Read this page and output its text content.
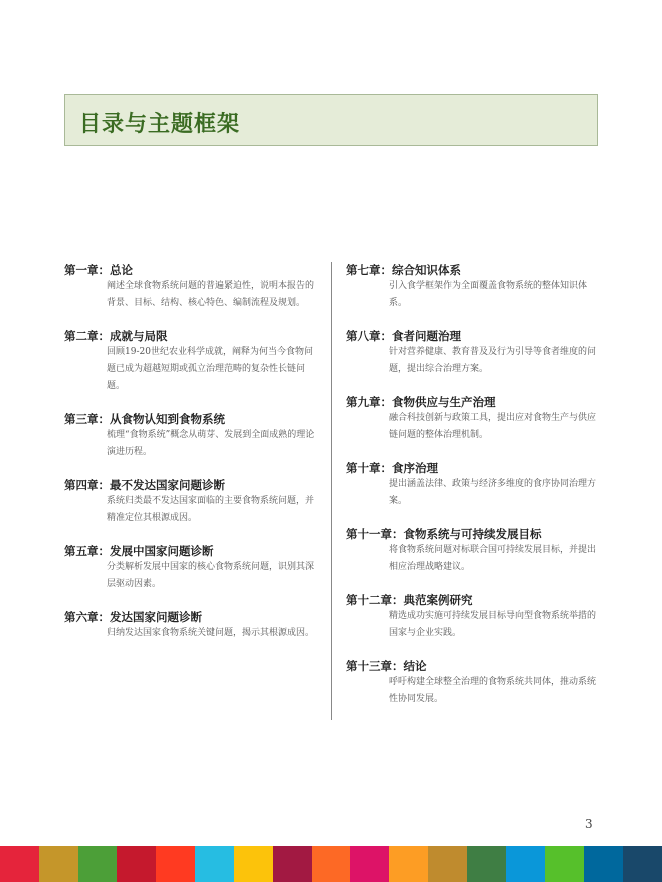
目录与主题框架
第一章：总论
阐述全球食物系统问题的普遍紧迫性，说明本报告的背景、目标、结构、核心特色、编制流程及规划。
第二章：成就与局限
回顾19-20世纪农业科学成就，阐释为何当今食物问题已成为超越短期或孤立治理范畴的复杂性长链问题。
第三章：从食物认知到食物系统
梳理“食物系统”概念从萌芽、发展到全面成熟的理论演进历程。
第四章：最不发达国家问题诊断
系统归类最不发达国家面临的主要食物系统问题，并精准定位其根源成因。
第五章：发展中国家问题诊断
分类解析发展中国家的核心食物系统问题，识别其深层驱动因素。
第六章：发达国家问题诊断
归纳发达国家食物系统关键问题，揭示其根源成因。
第七章：综合知识体系
引入食学框架作为全面覆盖食物系统的整体知识体系。
第八章：食者问题治理
针对营养健康、教育普及及行为引导等食者维度的问题，提出综合治理方案。
第九章：食物供应与生产治理
融合科技创新与政策工具，提出应对食物生产与供应链问题的整体治理机制。
第十章：食序治理
提出涵盖法律、政策与经济多维度的食序协同治理方案。
第十一章：食物系统与可持续发展目标
将食物系统问题对标联合国可持续发展目标，并提出相应治理战略建议。
第十二章：典范案例研究
精选成功实施可持续发展目标导向型食物系统举措的国家与企业实践。
第十三章：结论
呼吁构建全球整全治理的食物系统共同体，推动系统性协同发展。
3
